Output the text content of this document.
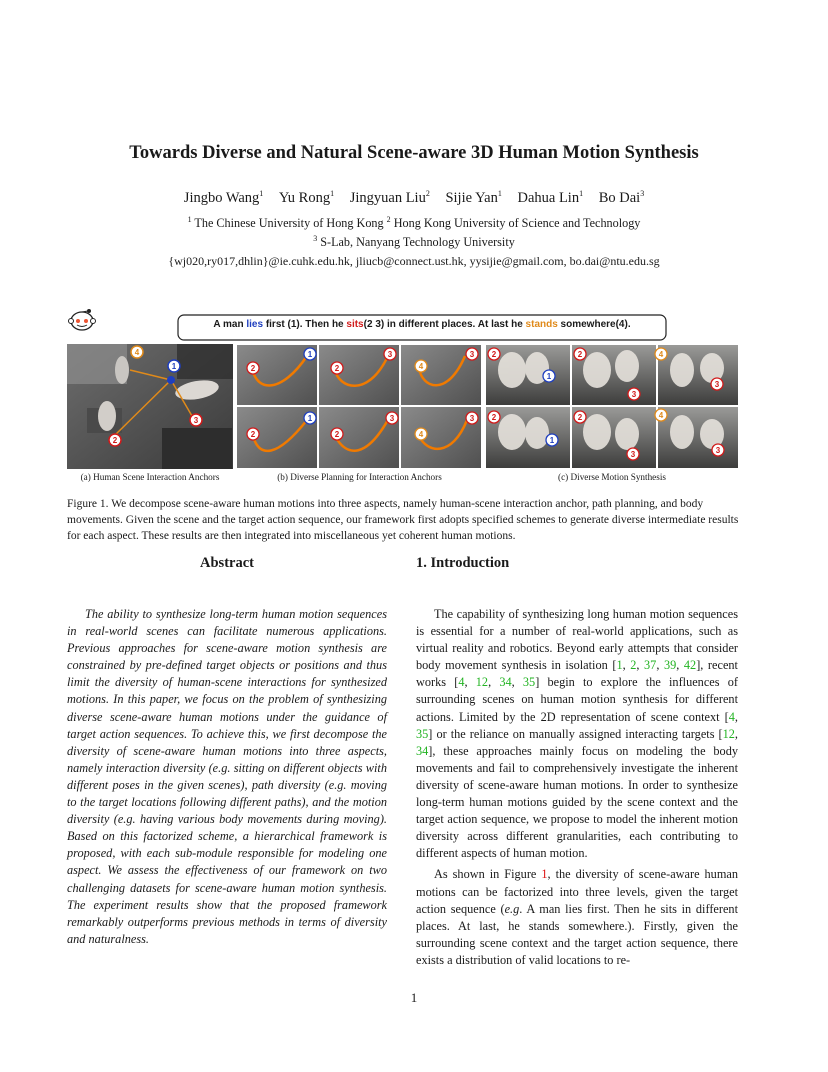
Towards Diverse and Natural Scene-aware 3D Human Motion Synthesis
Jingbo Wang$^1$ Yu Rong$^1$ Jingyuan Liu$^2$ Sijie Yan$^1$ Dahua Lin$^1$ Bo Dai$^3$
$^1$ The Chinese University of Hong Kong $^2$ Hong Kong University of Science and Technology
$^3$ S-Lab, Nanyang Technology University
{wj020,ry017,dhlin}@ie.cuhk.edu.hk, jliucb@connect.ust.hk, yysijie@gmail.com, bo.dai@ntu.edu.sg
4
1
3
2
1
2
3
2
3
4
1
2
3
2
3
4
2
1
2
3
4
3
2
1
2
3
4
3
A man lies first (1). Then he sits(2 3) in different places. At last he stands somewhere(4).
(a) Human Scene Interaction Anchors	(b) Diverse Planning for Interaction Anchors	(c) Diverse Motion Synthesis
Figure 1. We decompose scene-aware human motions into three aspects, namely human-scene interaction anchor, path planning, and body movements. Given the scene and the target action sequence, our framework first adopts specified schemes to generate diverse intermediate results for each aspect. These results are then integrated into miscellaneous yet coherent human motions.
Abstract	1. Introduction

The ability to synthesize long-term human motion sequences in real-world scenes can facilitate numerous applications. Previous approaches for scene-aware motion synthesis are constrained by pre-defined target objects or positions and thus limit the diversity of human-scene interactions for synthesized motions. In this paper, we focus on the problem of synthesizing diverse scene-aware human motions under the guidance of target action sequences. To achieve this, we first decompose the diversity of scene-aware human motions into three aspects, namely interaction diversity (e.g. sitting on different objects with different poses in the given scenes), path diversity (e.g. moving to the target locations following different paths), and the motion diversity (e.g. having various body movements during moving). Based on this factorized scheme, a hierarchical framework is proposed, with each sub-module responsible for modeling one aspect. We assess the effectiveness of our framework on two challenging datasets for scene-aware human motion synthesis. The experiment results show that the proposed framework remarkably outperforms previous methods in terms of diversity and naturalness.

The capability of synthesizing long human motion sequences is essential for a number of real-world applications, such as virtual reality and robotics. Beyond early attempts that consider body movement synthesis in isolation [1, 2, 37, 39, 42], recent works [4, 12, 34, 35] begin to explore the influences of surrounding scenes on human motion synthesis for different actions. Limited by the 2D representation of scene context [4, 35] or the reliance on manually assigned interacting targets [12, 34], these approaches mainly focus on modeling the body movements and fail to comprehensively investigate the inherent diversity of scene-aware human motions. In order to synthesize long-term human motions guided by the scene context and the target action sequence, we propose to model the inherent motion diversity across different granularities, each contributing to different aspects of human motion.

As shown in Figure 1, the diversity of scene-aware human motions can be factorized into three levels, given the target action sequence (e.g. A man lies first. Then he sits in different places. At last, he stands somewhere.). Firstly, given the surrounding scene context and the target action sequence, there exists a distribution of valid locations to re-

1
